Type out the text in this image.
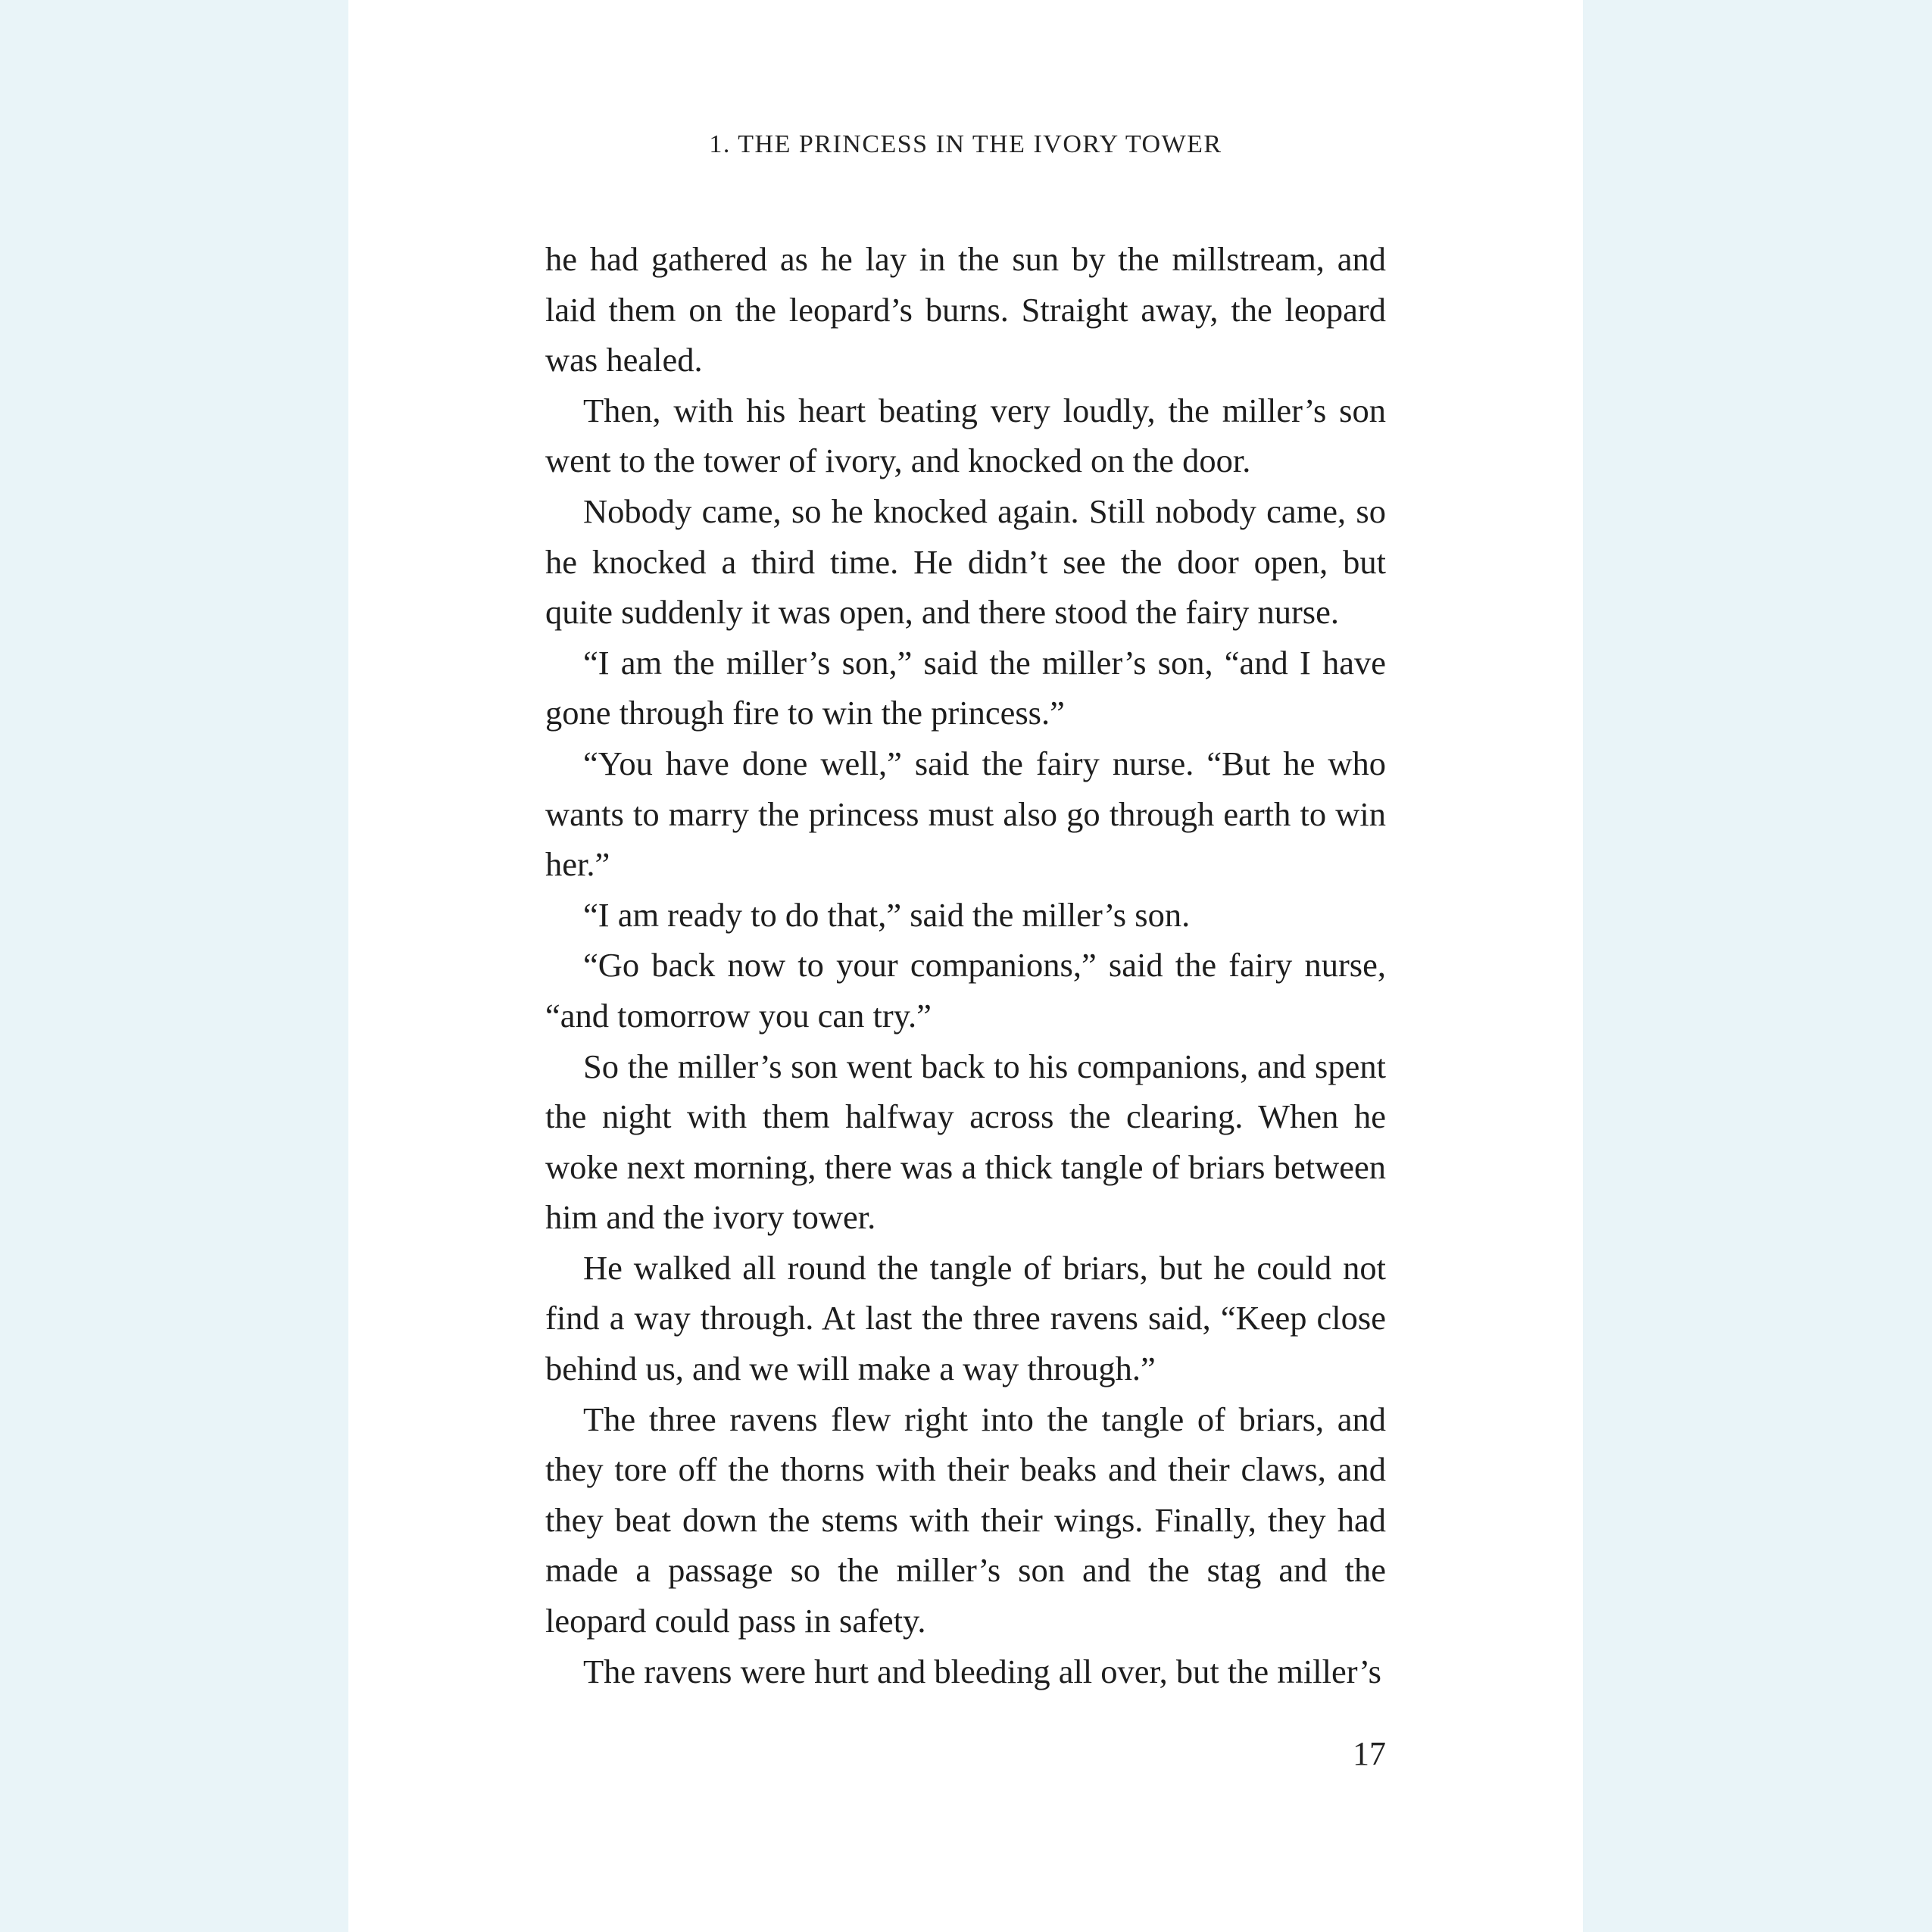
1. THE PRINCESS IN THE IVORY TOWER

he had gathered as he lay in the sun by the millstream, and laid them on the leopard’s burns. Straight away, the leopard was healed.

Then, with his heart beating very loudly, the miller’s son went to the tower of ivory, and knocked on the door.

Nobody came, so he knocked again. Still nobody came, so he knocked a third time. He didn’t see the door open, but quite suddenly it was open, and there stood the fairy nurse.

“I am the miller’s son,” said the miller’s son, “and I have gone through fire to win the princess.”

“You have done well,” said the fairy nurse. “But he who wants to marry the princess must also go through earth to win her.”

“I am ready to do that,” said the miller’s son.

“Go back now to your companions,” said the fairy nurse, “and tomorrow you can try.”

So the miller’s son went back to his companions, and spent the night with them halfway across the clearing. When he woke next morning, there was a thick tangle of briars between him and the ivory tower.

He walked all round the tangle of briars, but he could not find a way through. At last the three ravens said, “Keep close behind us, and we will make a way through.”

The three ravens flew right into the tangle of briars, and they tore off the thorns with their beaks and their claws, and they beat down the stems with their wings. Finally, they had made a passage so the miller’s son and the stag and the leopard could pass in safety.

The ravens were hurt and bleeding all over, but the miller’s

17
